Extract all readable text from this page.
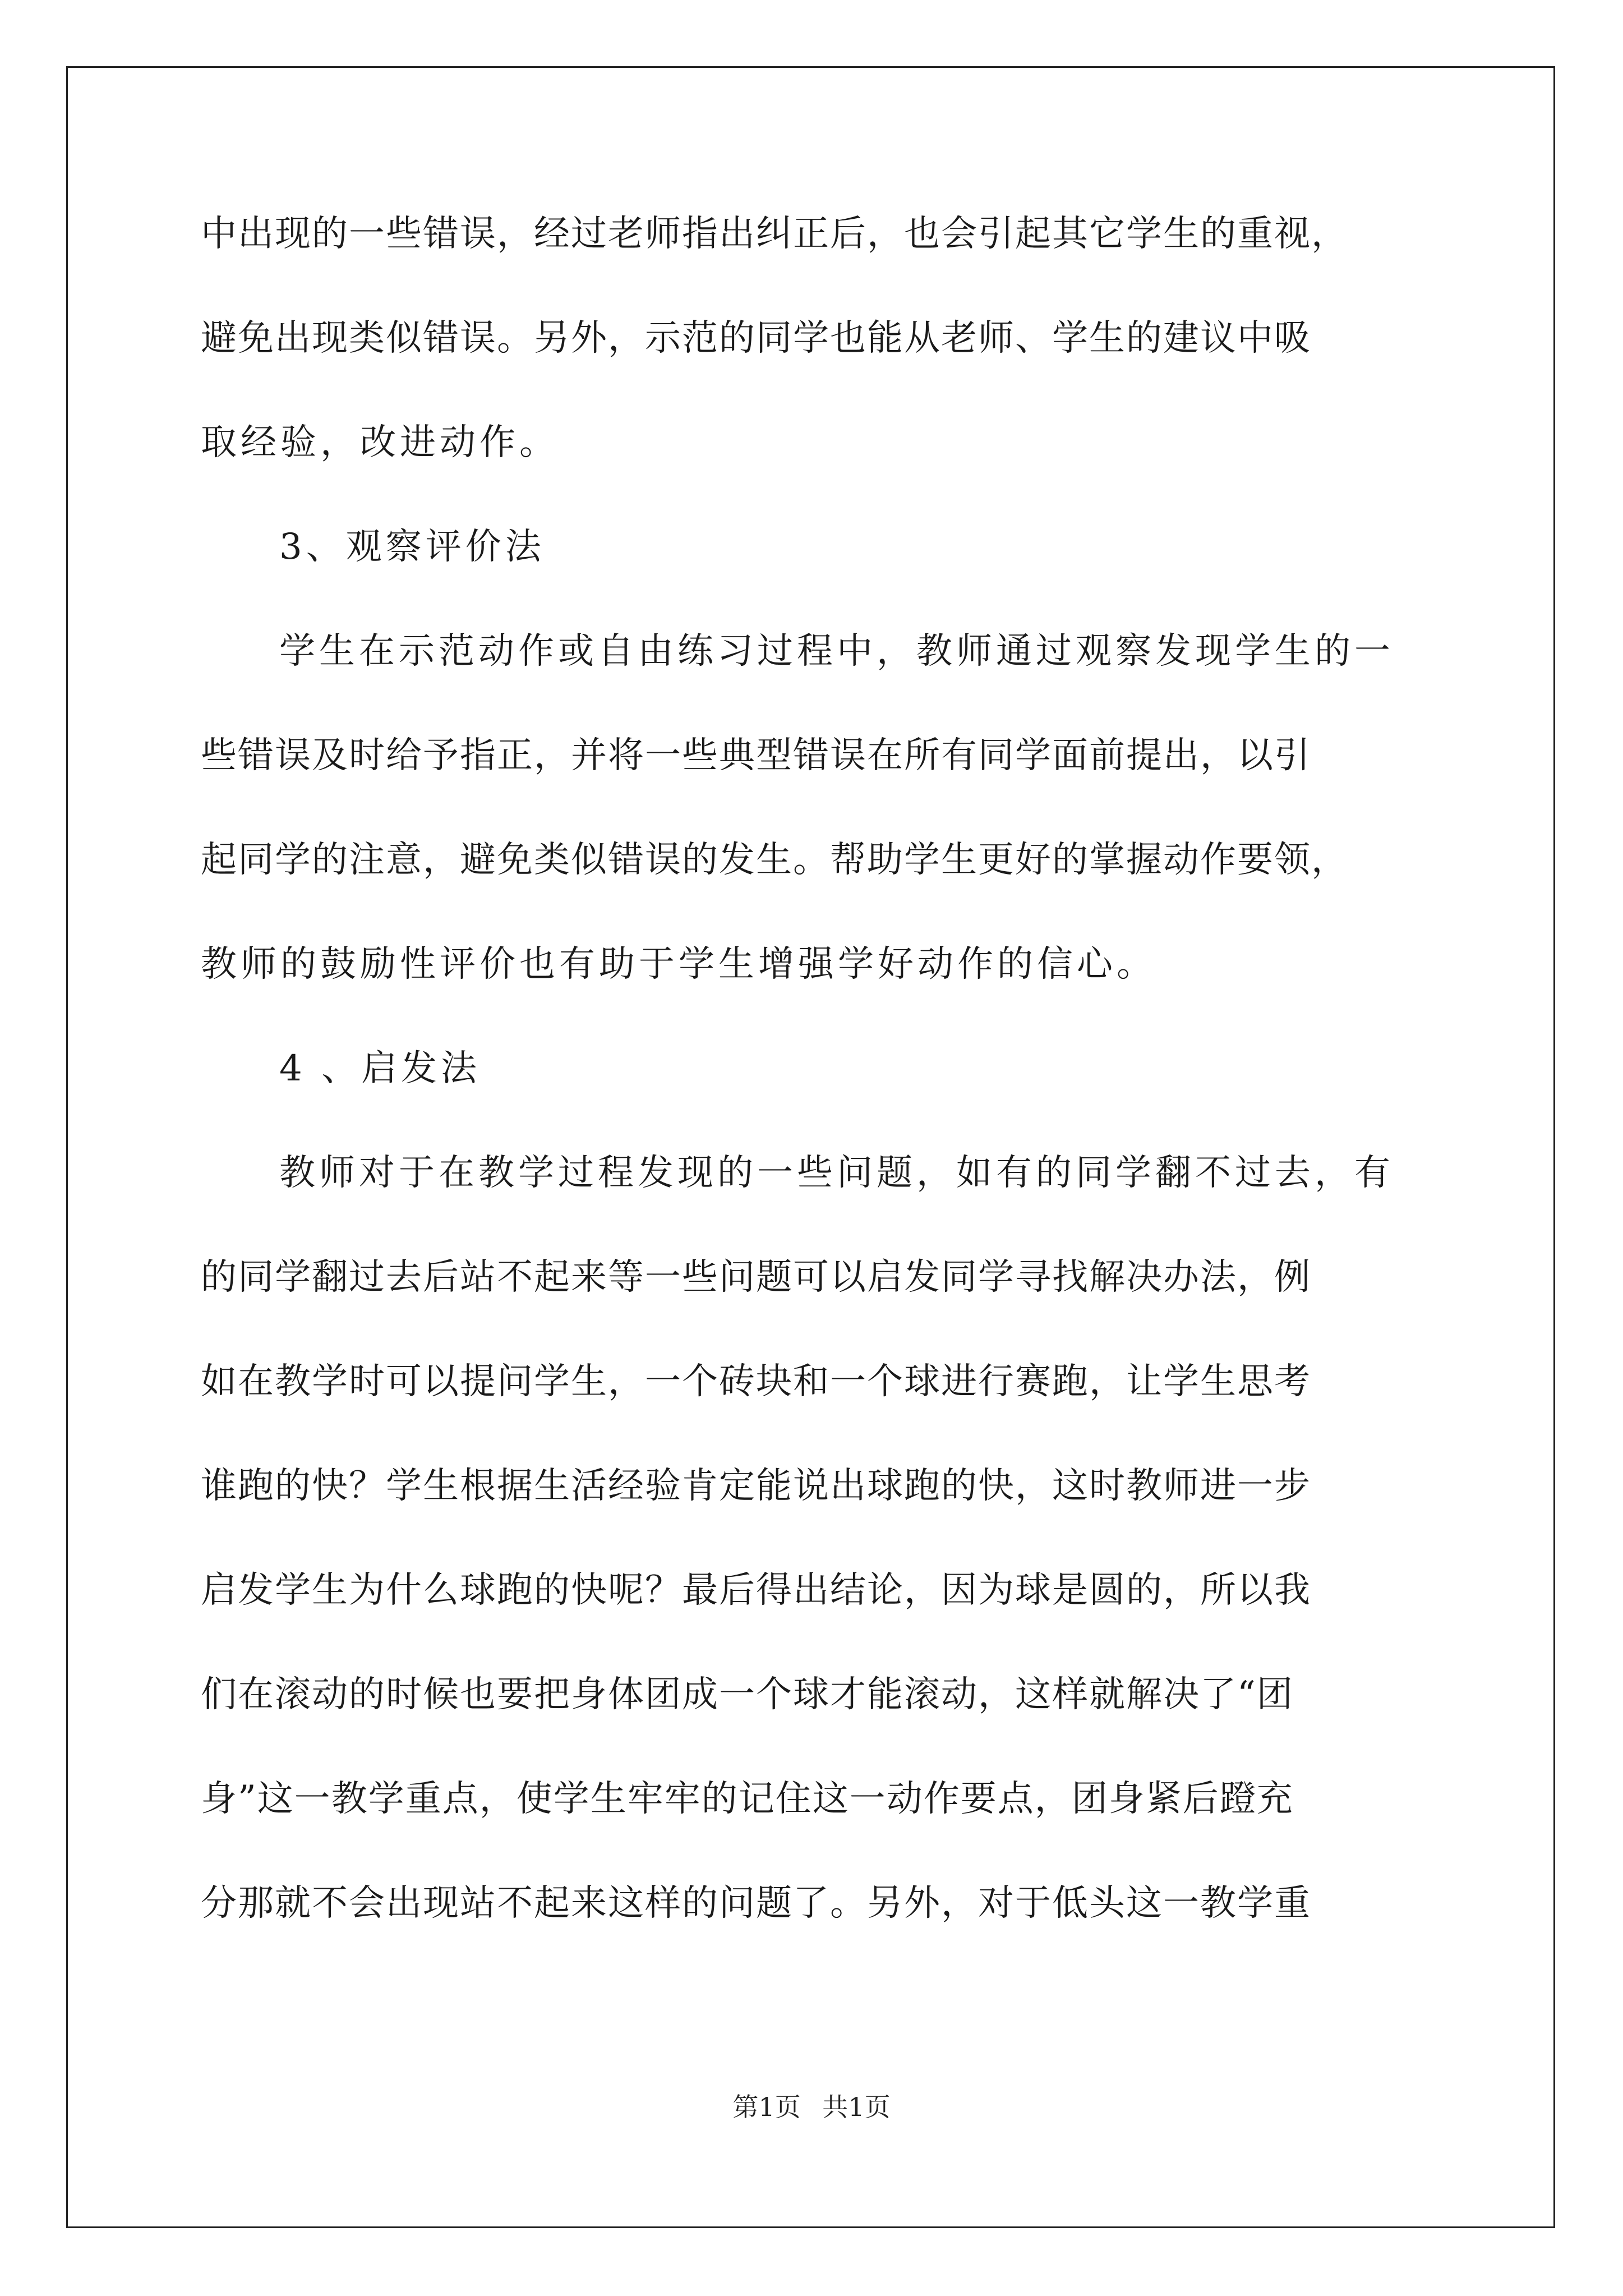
中出现的一些错误，经过老师指出纠正后，也会引起其它学生的重视，
避免出现类似错误。另外，示范的同学也能从老师、学生的建议中吸
取经验，改进动作。
3、观察评价法
学生在示范动作或自由练习过程中，教师通过观察发现学生的一
些错误及时给予指正，并将一些典型错误在所有同学面前提出，以引
起同学的注意，避免类似错误的发生。帮助学生更好的掌握动作要领，
教师的鼓励性评价也有助于学生增强学好动作的信心。
4 、启发法
教师对于在教学过程发现的一些问题，如有的同学翻不过去，有
的同学翻过去后站不起来等一些问题可以启发同学寻找解决办法，例
如在教学时可以提问学生，一个砖块和一个球进行赛跑，让学生思考
谁跑的快？学生根据生活经验肯定能说出球跑的快，这时教师进一步
启发学生为什么球跑的快呢？最后得出结论，因为球是圆的，所以我
们在滚动的时候也要把身体团成一个球才能滚动，这样就解决了“团
身”这一教学重点，使学生牢牢的记住这一动作要点，团身紧后蹬充
分那就不会出现站不起来这样的问题了。另外，对于低头这一教学重
第1页 共1页
